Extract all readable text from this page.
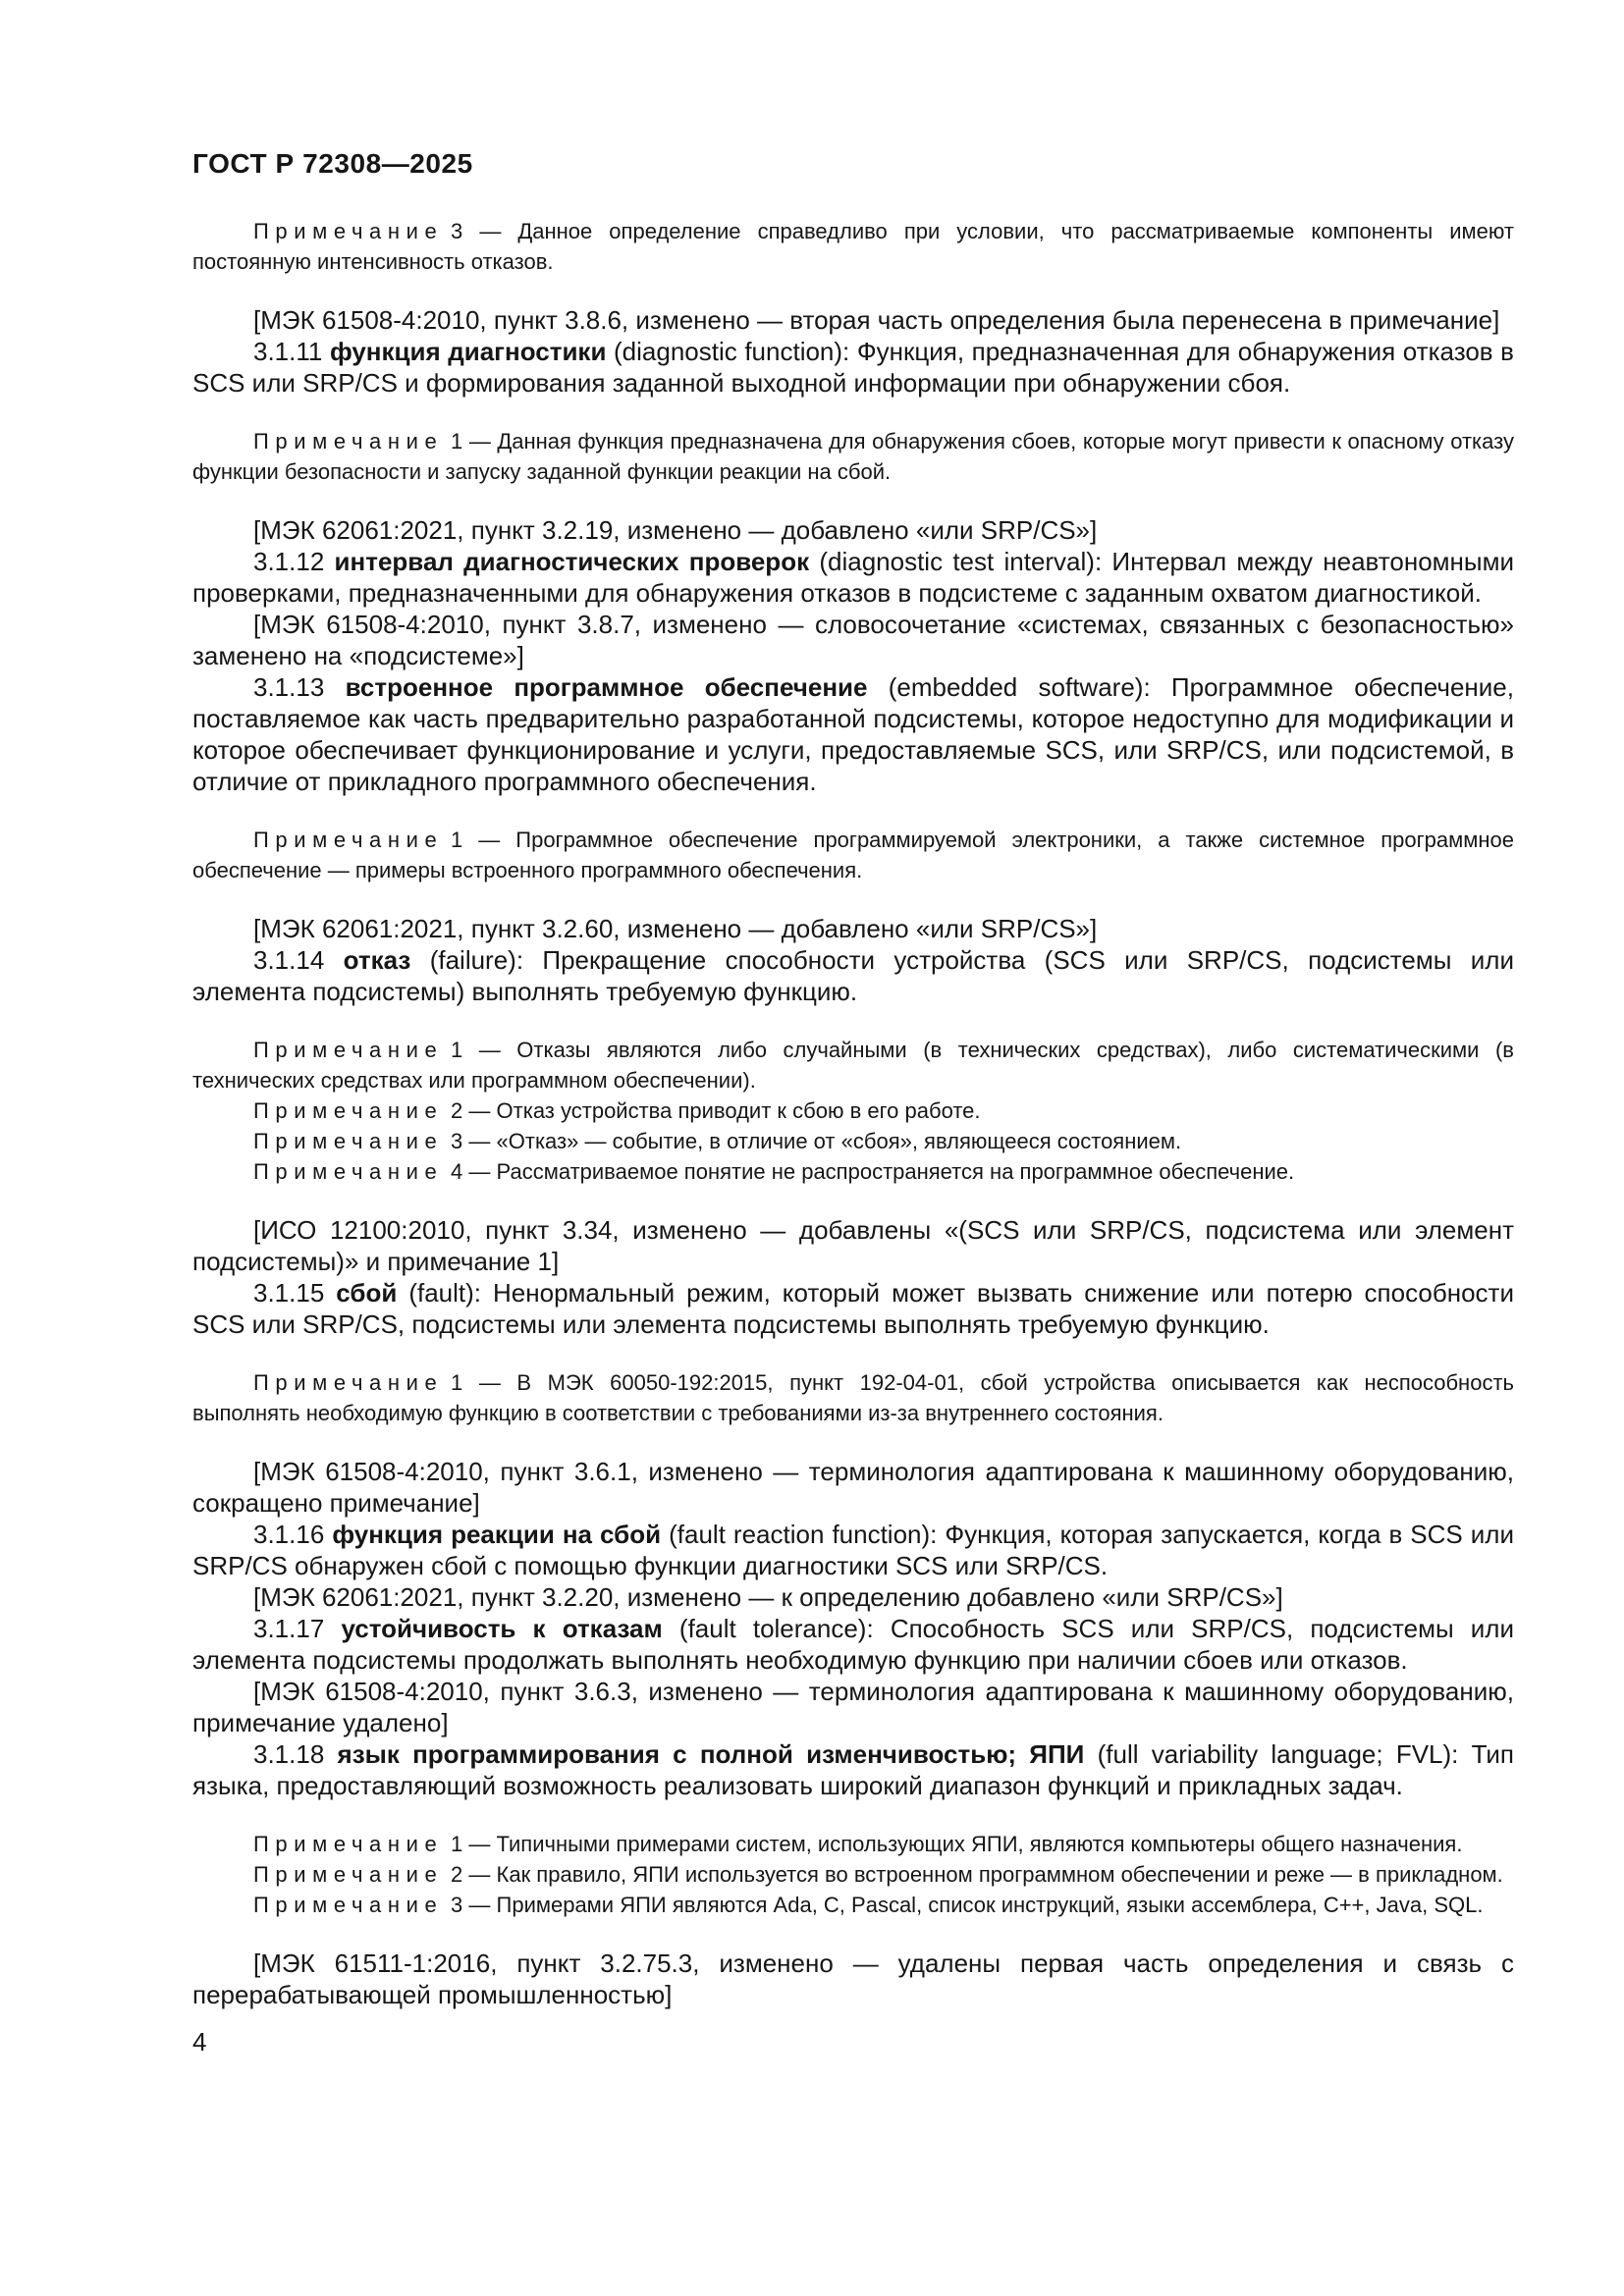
ГОСТ Р 72308—2025

Примечание 3 — Данное определение справедливо при условии, что рассматриваемые компоненты имеют постоянную интенсивность отказов.

[МЭК 61508-4:2010, пункт 3.8.6, изменено — вторая часть определения была перенесена в примечание]

3.1.11 функция диагностики (diagnostic function): Функция, предназначенная для обнаружения отказов в SCS или SRP/CS и формирования заданной выходной информации при обнаружении сбоя.

Примечание 1 — Данная функция предназначена для обнаружения сбоев, которые могут привести к опасному отказу функции безопасности и запуску заданной функции реакции на сбой.

[МЭК 62061:2021, пункт 3.2.19, изменено — добавлено «или SRP/CS»]

3.1.12 интервал диагностических проверок (diagnostic test interval): Интервал между неавтономными проверками, предназначенными для обнаружения отказов в подсистеме с заданным охватом диагностикой.

[МЭК 61508-4:2010, пункт 3.8.7, изменено — словосочетание «системах, связанных с безопасностью» заменено на «подсистеме»]

3.1.13 встроенное программное обеспечение (embedded software): Программное обеспечение, поставляемое как часть предварительно разработанной подсистемы, которое недоступно для модификации и которое обеспечивает функционирование и услуги, предоставляемые SCS, или SRP/CS, или подсистемой, в отличие от прикладного программного обеспечения.

Примечание 1 — Программное обеспечение программируемой электроники, а также системное программное обеспечение — примеры встроенного программного обеспечения.

[МЭК 62061:2021, пункт 3.2.60, изменено — добавлено «или SRP/CS»]

3.1.14 отказ (failure): Прекращение способности устройства (SCS или SRP/CS, подсистемы или элемента подсистемы) выполнять требуемую функцию.

Примечание 1 — Отказы являются либо случайными (в технических средствах), либо систематическими (в технических средствах или программном обеспечении).

Примечание 2 — Отказ устройства приводит к сбою в его работе.

Примечание 3 — «Отказ» — событие, в отличие от «сбоя», являющееся состоянием.

Примечание 4 — Рассматриваемое понятие не распространяется на программное обеспечение.

[ИСО 12100:2010, пункт 3.34, изменено — добавлены «(SCS или SRP/CS, подсистема или элемент подсистемы)» и примечание 1]

3.1.15 сбой (fault): Ненормальный режим, который может вызвать снижение или потерю способности SCS или SRP/CS, подсистемы или элемента подсистемы выполнять требуемую функцию.

Примечание 1 — В МЭК 60050-192:2015, пункт 192-04-01, сбой устройства описывается как неспособность выполнять необходимую функцию в соответствии с требованиями из-за внутреннего состояния.

[МЭК 61508-4:2010, пункт 3.6.1, изменено — терминология адаптирована к машинному оборудованию, сокращено примечание]

3.1.16 функция реакции на сбой (fault reaction function): Функция, которая запускается, когда в SCS или SRP/CS обнаружен сбой с помощью функции диагностики SCS или SRP/CS.

[МЭК 62061:2021, пункт 3.2.20, изменено — к определению добавлено «или SRP/CS»]

3.1.17 устойчивость к отказам (fault tolerance): Способность SCS или SRP/CS, подсистемы или элемента подсистемы продолжать выполнять необходимую функцию при наличии сбоев или отказов.

[МЭК 61508-4:2010, пункт 3.6.3, изменено — терминология адаптирована к машинному оборудованию, примечание удалено]

3.1.18 язык программирования с полной изменчивостью; ЯПИ (full variability language; FVL): Тип языка, предоставляющий возможность реализовать широкий диапазон функций и прикладных задач.

Примечание 1 — Типичными примерами систем, использующих ЯПИ, являются компьютеры общего назначения.

Примечание 2 — Как правило, ЯПИ используется во встроенном программном обеспечении и реже — в прикладном.

Примечание 3 — Примерами ЯПИ являются Ada, C, Pascal, список инструкций, языки ассемблера, C++, Java, SQL.

[МЭК 61511-1:2016, пункт 3.2.75.3, изменено — удалены первая часть определения и связь с перерабатывающей промышленностью]

4
